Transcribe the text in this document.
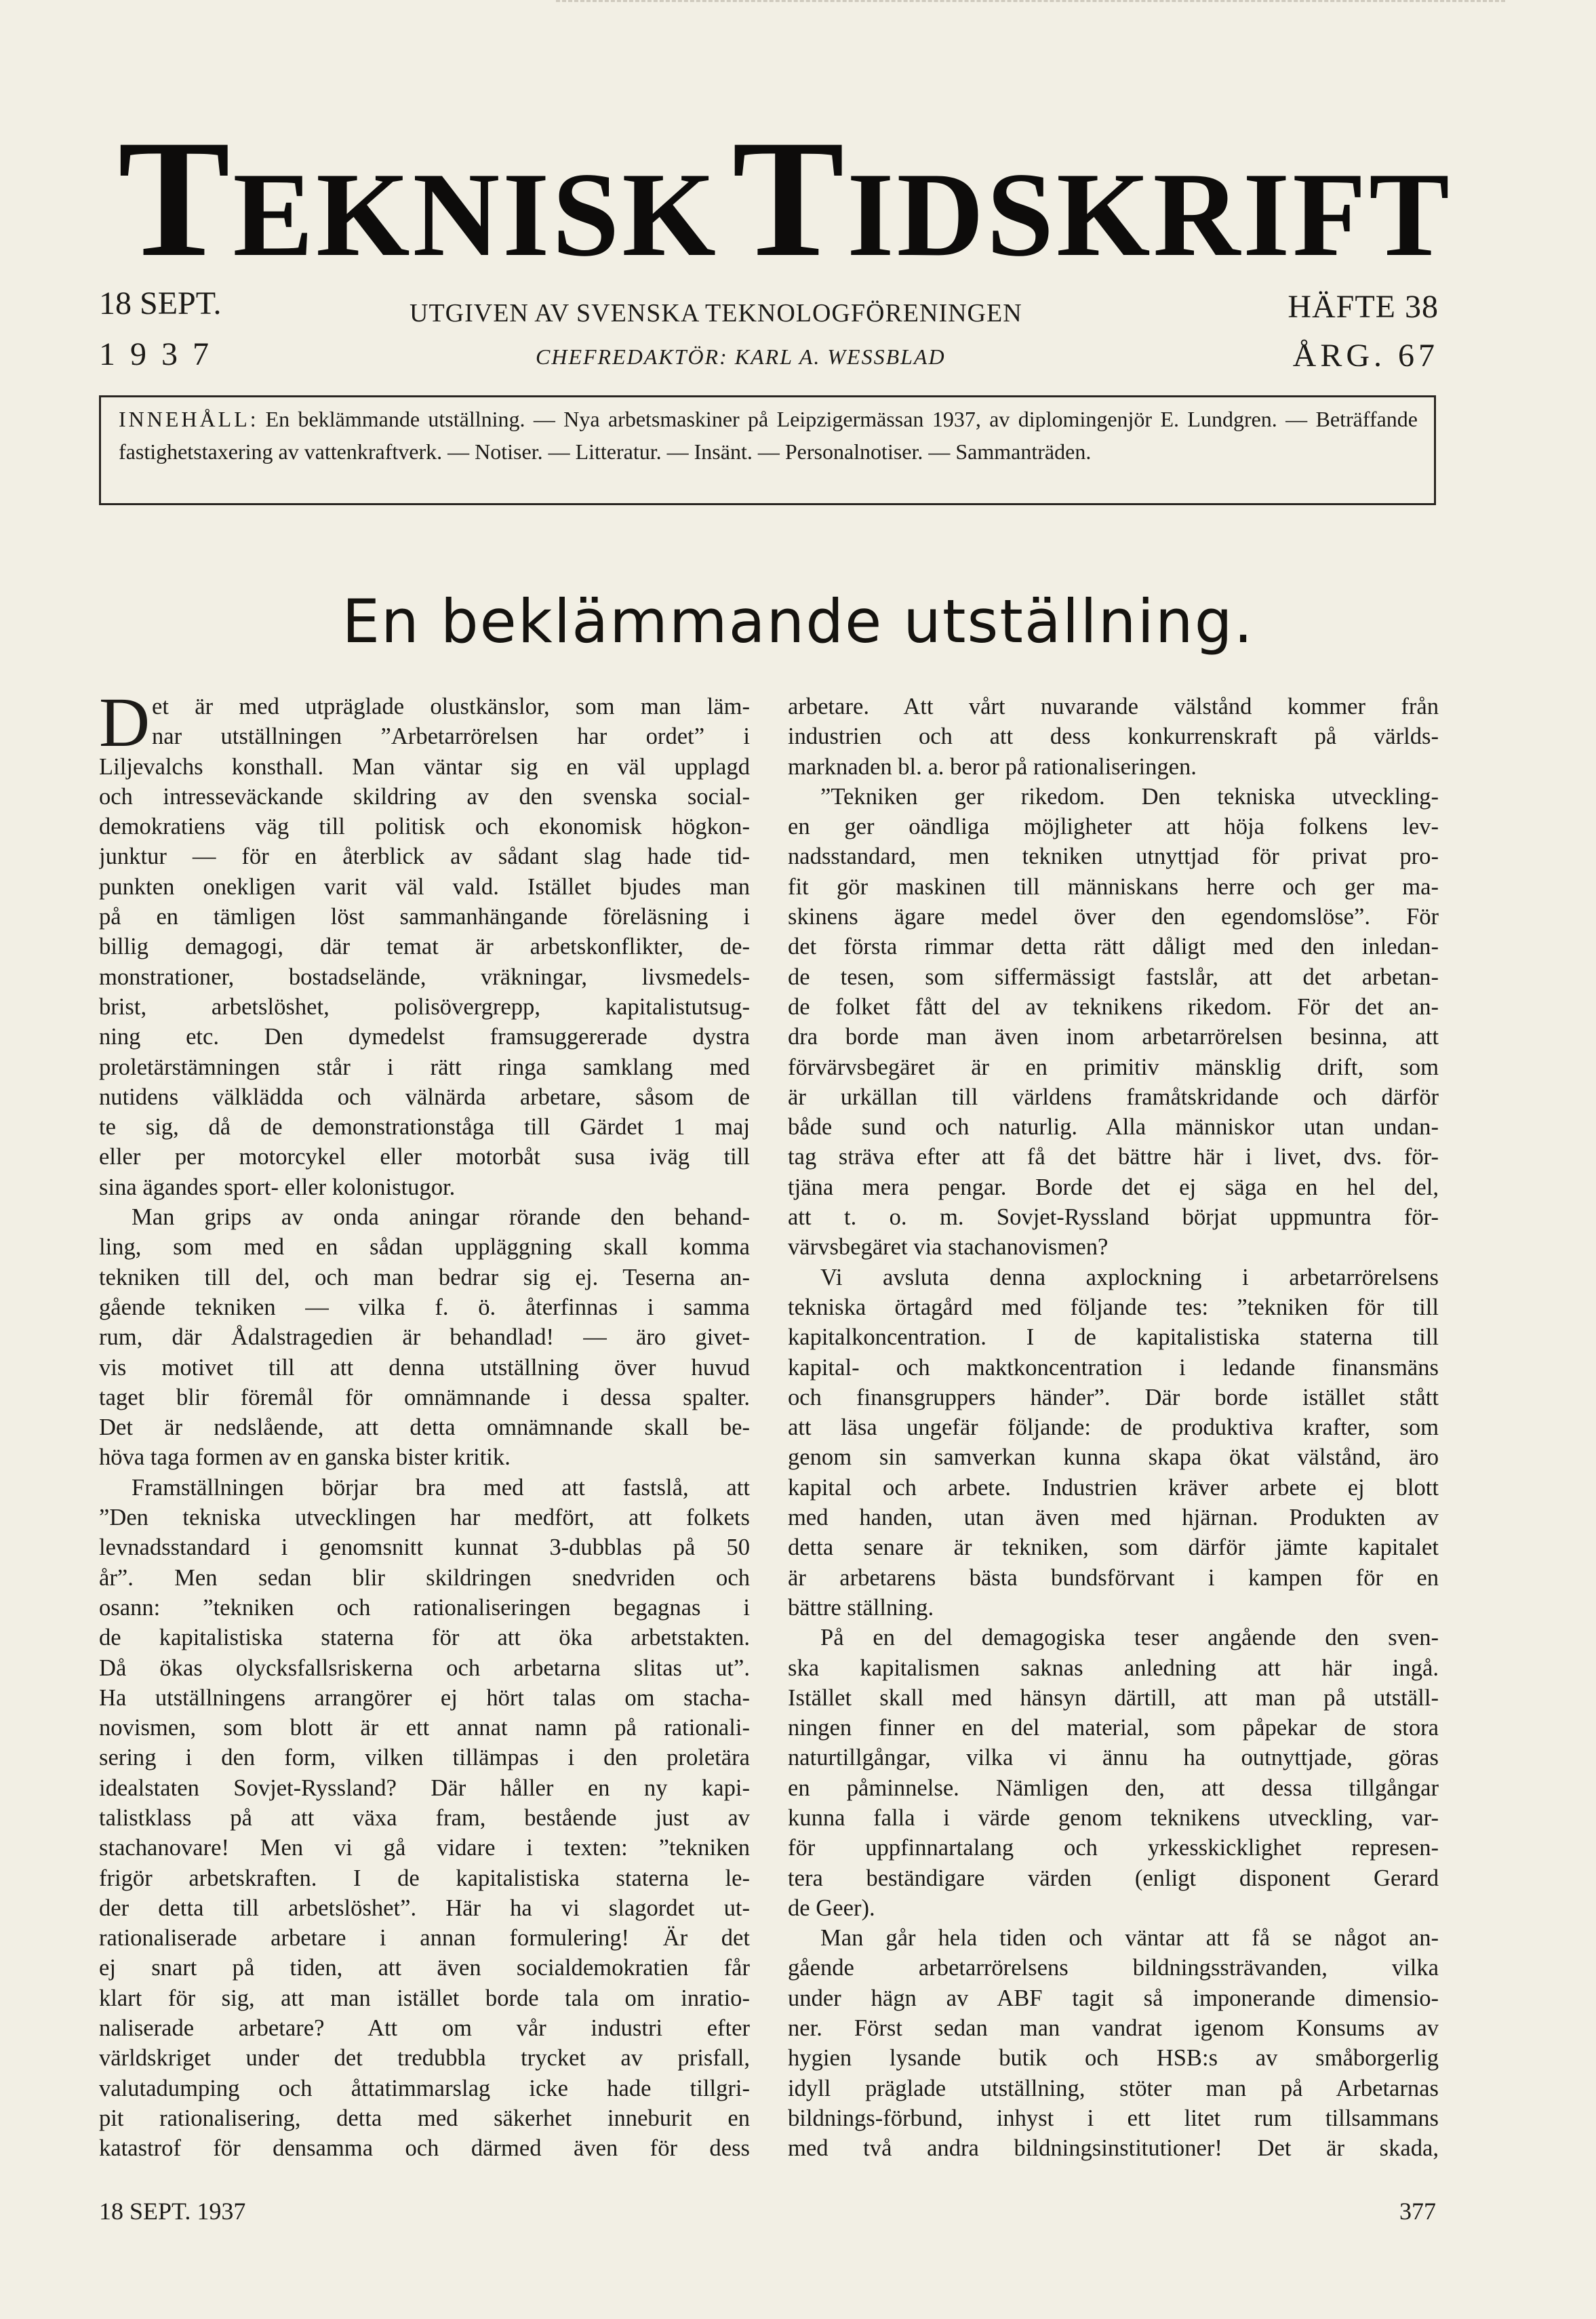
TEKNISK TIDSKRIFT
18 SEPT.
1937
UTGIVEN AV SVENSKA TEKNOLOGFÖRENINGEN
CHEFREDAKTÖR: KARL A. WESSBLAD
HÄFTE 38
ÅRG. 67
INNEHÅLL: En beklämmande utställning. — Nya arbetsmaskiner på Leipzigermässan 1937, av diplomingenjör E. Lundgren. — Beträffande fastighetstaxering av vattenkraftverk. — Notiser. — Litteratur. — Insänt. — Personalnotiser. — Sammanträden.
En beklämmande utställning.
D et är med utpräglade olustkänslor, som man läm-
nar utställningen ”Arbetarrörelsen har ordet” i
Liljevalchs konsthall. Man väntar sig en väl upplagd
och intresseväckande skildring av den svenska social-
demokratiens väg till politisk och ekonomisk högkon-
junktur — för en återblick av sådant slag hade tid-
punkten onekligen varit väl vald. Istället bjudes man
på en tämligen löst sammanhängande föreläsning i
billig demagogi, där temat är arbetskonflikter, de-
monstrationer, bostadselände, vräkningar, livsmedels-
brist, arbetslöshet, polisövergrepp, kapitalistutsug-
ning etc. Den dymedelst framsuggererade dystra
proletärstämningen står i rätt ringa samklang med
nutidens välklädda och välnärda arbetare, såsom de
te sig, då de demonstrationståga till Gärdet 1 maj
eller per motorcykel eller motorbåt susa iväg till
sina ägandes sport- eller kolonistugor.
Man grips av onda aningar rörande den behand-
ling, som med en sådan uppläggning skall komma
tekniken till del, och man bedrar sig ej. Teserna an-
gående tekniken — vilka f. ö. återfinnas i samma
rum, där Ådalstragedien är behandlad! — äro givet-
vis motivet till att denna utställning över huvud
taget blir föremål för omnämnande i dessa spalter.
Det är nedslående, att detta omnämnande skall be-
höva taga formen av en ganska bister kritik.
Framställningen börjar bra med att fastslå, att
”Den tekniska utvecklingen har medfört, att folkets
levnadsstandard i genomsnitt kunnat 3-dubblas på 50
år”. Men sedan blir skildringen snedvriden och
osann: ”tekniken och rationaliseringen begagnas i
de kapitalistiska staterna för att öka arbetstakten.
Då ökas olycksfallsriskerna och arbetarna slitas ut”.
Ha utställningens arrangörer ej hört talas om stacha-
novismen, som blott är ett annat namn på rationali-
sering i den form, vilken tillämpas i den proletära
idealstaten Sovjet-Ryssland? Där håller en ny kapi-
talistklass på att växa fram, bestående just av
stachanovare! Men vi gå vidare i texten: ”tekniken
frigör arbetskraften. I de kapitalistiska staterna le-
der detta till arbetslöshet”. Här ha vi slagordet ut-
rationaliserade arbetare i annan formulering! Är det
ej snart på tiden, att även socialdemokratien får
klart för sig, att man istället borde tala om inratio-
naliserade arbetare? Att om vår industri efter
världskriget under det tredubbla trycket av prisfall,
valutadumping och åttatimmarslag icke hade tillgri-
pit rationalisering, detta med säkerhet inneburit en
katastrof för densamma och därmed även för dess
arbetare. Att vårt nuvarande välstånd kommer från
industrien och att dess konkurrenskraft på världs-
marknaden bl. a. beror på rationaliseringen.
”Tekniken ger rikedom. Den tekniska utveckling-
en ger oändliga möjligheter att höja folkens lev-
nadsstandard, men tekniken utnyttjad för privat pro-
fit gör maskinen till människans herre och ger ma-
skinens ägare medel över den egendomslöse”. För
det första rimmar detta rätt dåligt med den inledan-
de tesen, som siffermässigt fastslår, att det arbetan-
de folket fått del av teknikens rikedom. För det an-
dra borde man även inom arbetarrörelsen besinna, att
förvärvsbegäret är en primitiv mänsklig drift, som
är urkällan till världens framåtskridande och därför
både sund och naturlig. Alla människor utan undan-
tag sträva efter att få det bättre här i livet, dvs. för-
tjäna mera pengar. Borde det ej säga en hel del,
att t. o. m. Sovjet-Ryssland börjat uppmuntra för-
värvsbegäret via stachanovismen?
Vi avsluta denna axplockning i arbetarrörelsens
tekniska örtagård med följande tes: ”tekniken för till
kapitalkoncentration. I de kapitalistiska staterna till
kapital- och maktkoncentration i ledande finansmäns
och finansgruppers händer”. Där borde istället stått
att läsa ungefär följande: de produktiva krafter, som
genom sin samverkan kunna skapa ökat välstånd, äro
kapital och arbete. Industrien kräver arbete ej blott
med handen, utan även med hjärnan. Produkten av
detta senare är tekniken, som därför jämte kapitalet
är arbetarens bästa bundsförvant i kampen för en
bättre ställning.
På en del demagogiska teser angående den sven-
ska kapitalismen saknas anledning att här ingå.
Istället skall med hänsyn därtill, att man på utställ-
ningen finner en del material, som påpekar de stora
naturtillgångar, vilka vi ännu ha outnyttjade, göras
en påminnelse. Nämligen den, att dessa tillgångar
kunna falla i värde genom teknikens utveckling, var-
för uppfinnartalang och yrkesskicklighet represen-
tera beständigare värden (enligt disponent Gerard
de Geer).
Man går hela tiden och väntar att få se något an-
gående arbetarrörelsens bildningssträvanden, vilka
under hägn av ABF tagit så imponerande dimensio-
ner. Först sedan man vandrat igenom Konsums av
hygien lysande butik och HSB:s av småborgerlig
idyll präglade utställning, stöter man på Arbetarnas
bildnings-förbund, inhyst i ett litet rum tillsammans
med två andra bildningsinstitutioner! Det är skada,
18 SEPT. 1937	377
